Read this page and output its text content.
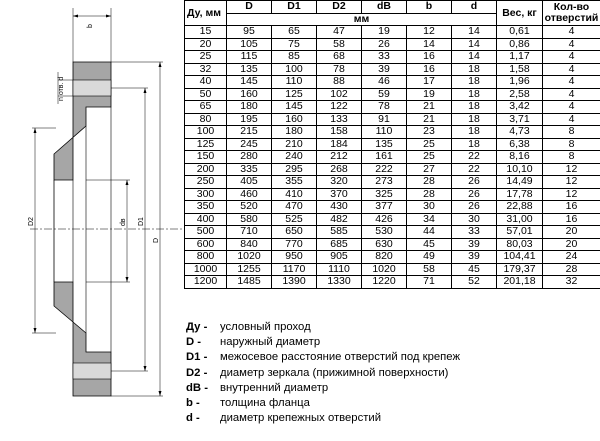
b
n отв. d
D2	dв D1
D
Ду, мм	D	D1	D2	dB	b	d	Вес, кг	Кол-во отверстий
	мм							
15	95	65	47	19	12	14	0,61	4
20	105	75	58	26	14	14	0,86	4
25	115	85	68	33	16	14	1,17	4
32	135	100	78	39	16	18	1,58	4
40	145	110	88	46	17	18	1,96	4
50	160	125	102	59	19	18	2,58	4
65	180	145	122	78	21	18	3,42	4
80	195	160	133	91	21	18	3,71	4
100	215	180	158	110	23	18	4,73	8
125	245	210	184	135	25	18	6,38	8
150	280	240	212	161	25	22	8,16	8
200	335	295	268	222	27	22	10,10	12
250	405	355	320	273	28	26	14,49	12
300	460	410	370	325	28	26	17,78	12
350	520	470	430	377	30	26	22,88	16
400	580	525	482	426	34	30	31,00	16
500	710	650	585	530	44	33	57,01	20
600	840	770	685	630	45	39	80,03	20
800	1020	950	905	820	49	39	104,41	24
1000	1255	1170	1110	1020	58	45	179,37	28
1200	1485	1390	1330	1220	71	52	201,18	32
Ду -	условный проход
D -	наружный диаметр
D1 -	межосевое расстояние отверстий под крепеж
D2 -	диаметр зеркала (прижимной поверхности)
dB -	внутренний диаметр
b -	толщина фланца
d -	диаметр крепежных отверстий
